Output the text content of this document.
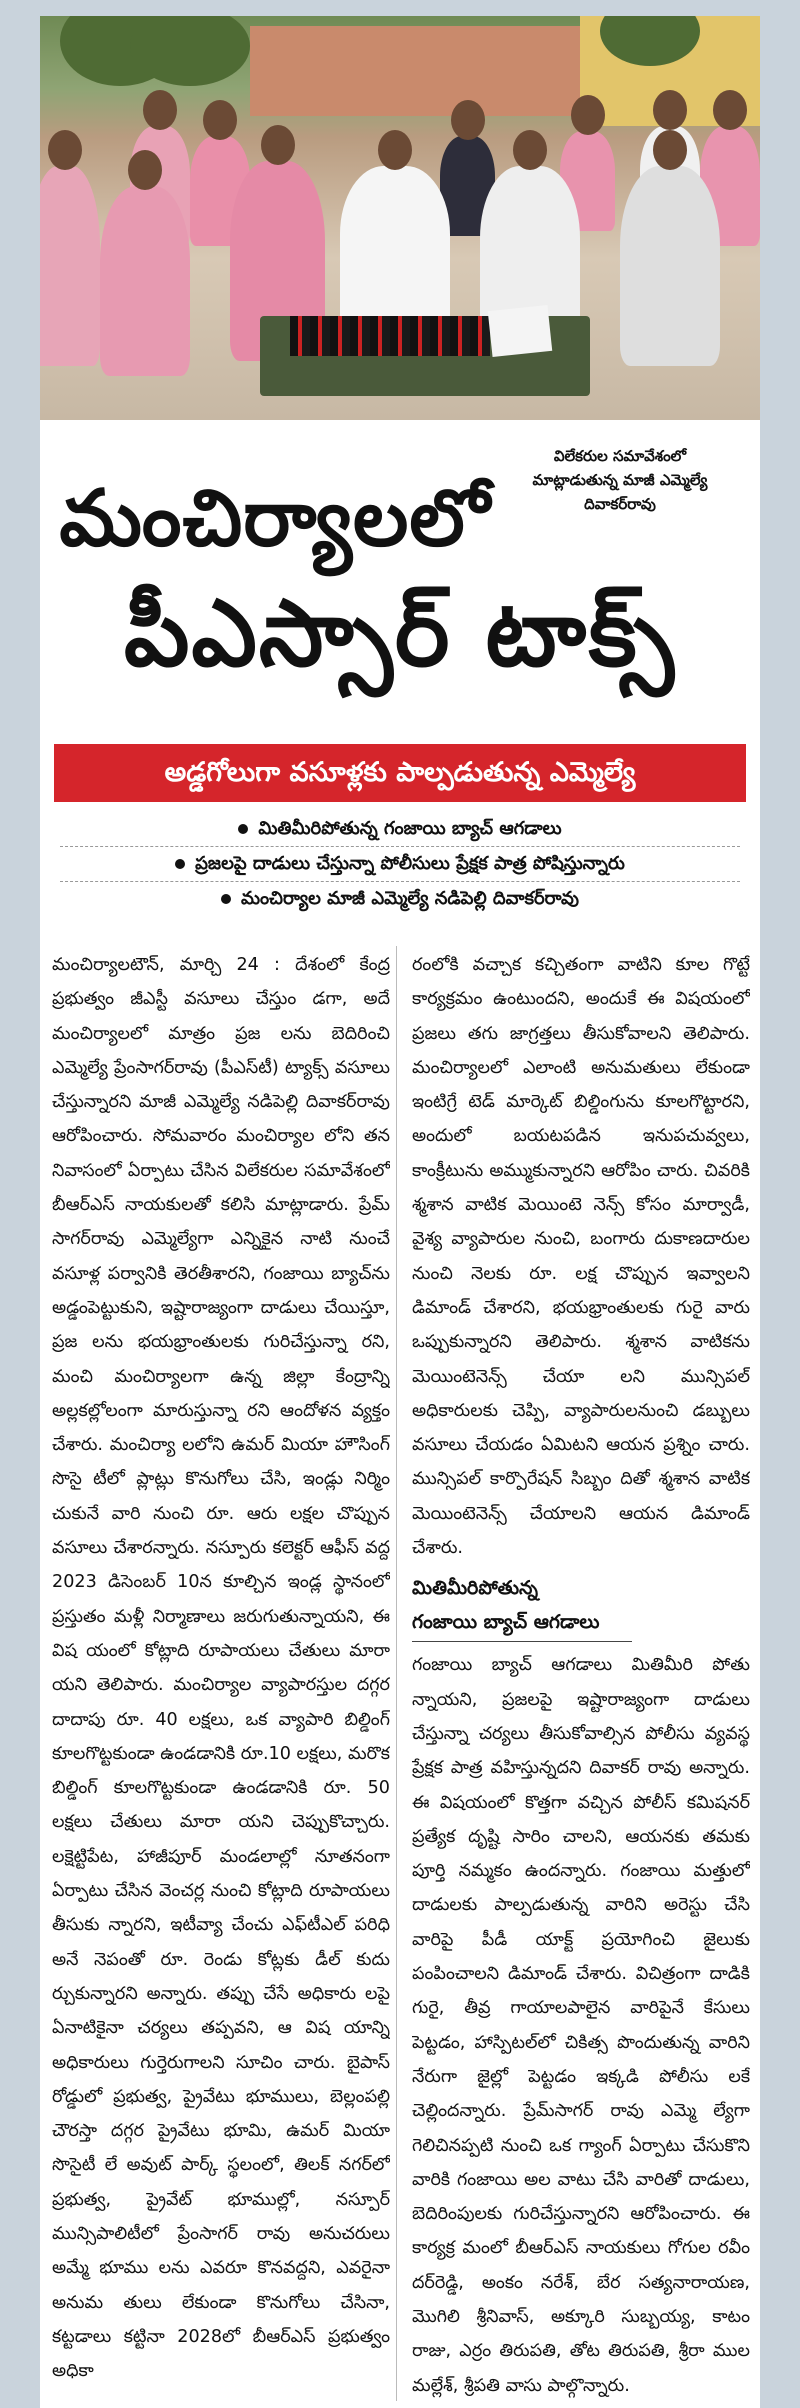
విలేకరుల సమావేశంలో
మాట్లాడుతున్న మాజీ ఎమ్మెల్యే
దివాకర్‌రావు
మంచిర్యాలలో
పీఎస్సార్ టాక్స్
అడ్డగోలుగా వసూళ్లకు పాల్పడుతున్న ఎమ్మెల్యే
మితిమీరిపోతున్న గంజాయి బ్యాచ్ ఆగడాలు
ప్రజలపై దాడులు చేస్తున్నా పోలీసులు ప్రేక్షక పాత్ర పోషిస్తున్నారు
మంచిర్యాల మాజీ ఎమ్మెల్యే నడిపెల్లి దివాకర్‌రావు

మంచిర్యాలటౌన్, మార్చి 24 : దేశంలో కేంద్ర ప్రభుత్వం జీఎస్టీ వసూలు చేస్తుం డగా, అదే మంచిర్యాలలో మాత్రం ప్రజ లను బెదిరించి ఎమ్మెల్యే ప్రేంసాగర్‌రావు (పీఎస్‌టీ) ట్యాక్స్ వసూలు చేస్తున్నారని మాజీ ఎమ్మెల్యే నడిపెల్లి దివాకర్‌రావు ఆరోపించారు. సోమవారం మంచిర్యాల లోని తన నివాసంలో ఏర్పాటు చేసిన విలేకరుల సమావేశంలో బీఆర్‌ఎస్ నాయకులతో కలిసి మాట్లాడారు. ప్రేమ్ సాగర్‌రావు ఎమ్మెల్యేగా ఎన్నికైన నాటి నుంచే వసూళ్ల పర్వానికి తెరతీశారని, గంజాయి బ్యాచ్‌ను అడ్డంపెట్టుకుని, ఇష్టారాజ్యంగా దాడులు చేయిస్తూ, ప్రజ లను భయభ్రాంతులకు గురిచేస్తున్నా రని, మంచి మంచిర్యాలగా ఉన్న జిల్లా కేంద్రాన్ని అల్లకల్లోలంగా మారుస్తున్నా రని ఆందోళన వ్యక్తం చేశారు. మంచిర్యా లలోని ఉమర్ మియా హౌసింగ్ సొసై టీలో ప్లాట్లు కొనుగోలు చేసి, ఇండ్లు నిర్మిం చుకునే వారి నుంచి రూ. ఆరు లక్షల చొప్పున వసూలు చేశారన్నారు. నస్పూరు కలెక్టర్ ఆఫీస్ వద్ద 2023 డిసెంబర్ 10న కూల్చిన ఇండ్ల స్థానంలో ప్రస్తుతం మళ్లీ నిర్మాణాలు జరుగుతున్నాయని, ఈ విష యంలో కోట్లాది రూపాయలు చేతులు మారా యని తెలిపారు. మంచిర్యాల వ్యాపారస్తుల దగ్గర దాదాపు రూ. 40 లక్షలు, ఒక వ్యాపారి బిల్డింగ్ కూలగొట్టకుండా ఉండడానికి రూ.10 లక్షలు, మరొక బిల్డింగ్ కూలగొట్టకుండా ఉండడానికి రూ. 50 లక్షలు చేతులు మారా యని చెప్పుకొచ్చారు. లక్షెట్టిపేట, హాజీపూర్ మండలాల్లో నూతనంగా ఏర్పాటు చేసిన వెంచర్ల నుంచి కోట్లాది రూపాయలు తీసుకు న్నారని, ఇటీవ్యా చేంచు ఎఫ్‌టీఎల్ పరిధి అనే నెపంతో రూ. రెండు కోట్లకు డీల్ కుదు ర్చుకున్నారని అన్నారు. తప్పు చేసే అధికారు లపై ఏనాటికైనా చర్యలు తప్పవని, ఆ విష యాన్ని అధికారులు గుర్తెరుగాలని సూచిం చారు. బైపాస్ రోడ్డులో ప్రభుత్వ, ప్రైవేటు భూములు, బెల్లంపల్లి చౌరస్తా దగ్గర ప్రైవేటు భూమి, ఉమర్ మియా సొసైటీ లే అవుట్ పార్క్ స్థలంలో, తిలక్ నగర్‌లో ప్రభుత్వ, ప్రైవేట్ భూముల్లో, నస్పూర్ మున్సిపాలిటీలో ప్రేంసాగర్ రావు అనుచరులు అమ్మే భూము లను ఎవరూ కొనవద్దని, ఎవరైనా అనుమ తులు లేకుండా కొనుగోలు చేసినా, కట్టడాలు కట్టినా 2028లో బీఆర్‌ఎస్ ప్రభుత్వం అధికా

రంలోకి వచ్చాక కచ్చితంగా వాటిని కూల గొట్టే కార్యక్రమం ఉంటుందని, అందుకే ఈ విషయంలో ప్రజలు తగు జాగ్రత్తలు తీసుకోవాలని తెలిపారు. మంచిర్యాలలో ఎలాంటి అనుమతులు లేకుండా ఇంటిగ్రే టెడ్ మార్కెట్ బిల్డింగును కూలగొట్టారని, అందులో బయటపడిన ఇనుపచువ్వలు, కాంక్రీటును అమ్ముకున్నారని ఆరోపిం చారు. చివరికి శ్మశాన వాటిక మెయింటె నెన్స్ కోసం మార్వాడీ, వైశ్య వ్యాపారుల నుంచి, బంగారు దుకాణదారుల నుంచి నెలకు రూ. లక్ష చొప్పున ఇవ్వాలని డిమాండ్ చేశారని, భయభ్రాంతులకు గురై వారు ఒప్పుకున్నారని తెలిపారు. శ్మశాన వాటికను మెయింటెనెన్స్ చేయా లని మున్సిపల్ అధికారులకు చెప్పి, వ్యాపారులనుంచి డబ్బులు వసూలు చేయడం ఏమిటని ఆయన ప్రశ్నిం చారు. మున్సిపల్ కార్పొరేషన్ సిబ్బం దితో శ్మశాన వాటిక మెయింటెనెన్స్ చేయాలని ఆయన డిమాండ్ చేశారు.

మితిమీరిపోతున్న
గంజాయి బ్యాచ్ ఆగడాలు

గంజాయి బ్యాచ్ ఆగడాలు మితిమీరి పోతు న్నాయని, ప్రజలపై ఇష్టారాజ్యంగా దాడులు చేస్తున్నా చర్యలు తీసుకోవాల్సిన పోలీసు వ్యవస్థ ప్రేక్షక పాత్ర వహిస్తున్నదని దివాకర్ రావు అన్నారు. ఈ విషయంలో కొత్తగా వచ్చిన పోలీస్ కమిషనర్ ప్రత్యేక దృష్టి సారిం చాలని, ఆయనకు తమకు పూర్తి నమ్మకం ఉందన్నారు. గంజాయి మత్తులో దాడులకు పాల్పడుతున్న వారిని అరెస్టు చేసి వారిపై పీడీ యాక్ట్ ప్రయోగించి జైలుకు పంపించాలని డిమాండ్ చేశారు. విచిత్రంగా దాడికి గురై, తీవ్ర గాయాలపాలైన వారిపైనే కేసులు పెట్టడం, హాస్పిటల్‌లో చికిత్స పొందుతున్న వారిని నేరుగా జైల్లో పెట్టడం ఇక్కడి పోలీసు లకే చెల్లిందన్నారు. ప్రేమ్‌సాగర్ రావు ఎమ్మె ల్యేగా గెలిచినప్పటి నుంచి ఒక గ్యాంగ్ ఏర్పాటు చేసుకొని వారికి గంజాయి అల వాటు చేసి వారితో దాడులు, బెదిరింపులకు గురిచేస్తున్నారని ఆరోపించారు. ఈ కార్యక్ర మంలో బీఆర్‌ఎస్ నాయకులు గోగుల రవీం దర్‌రెడ్డి, అంకం నరేశ్, బేర సత్యనారాయణ, మొగిలి శ్రీనివాస్, అక్కూరి సుబ్బయ్య, కాటం రాజు, ఎర్రం తిరుపతి, తోట తిరుపతి, శ్రీరా ముల మల్లేశ్, శ్రీపతి వాసు పాల్గొన్నారు.
